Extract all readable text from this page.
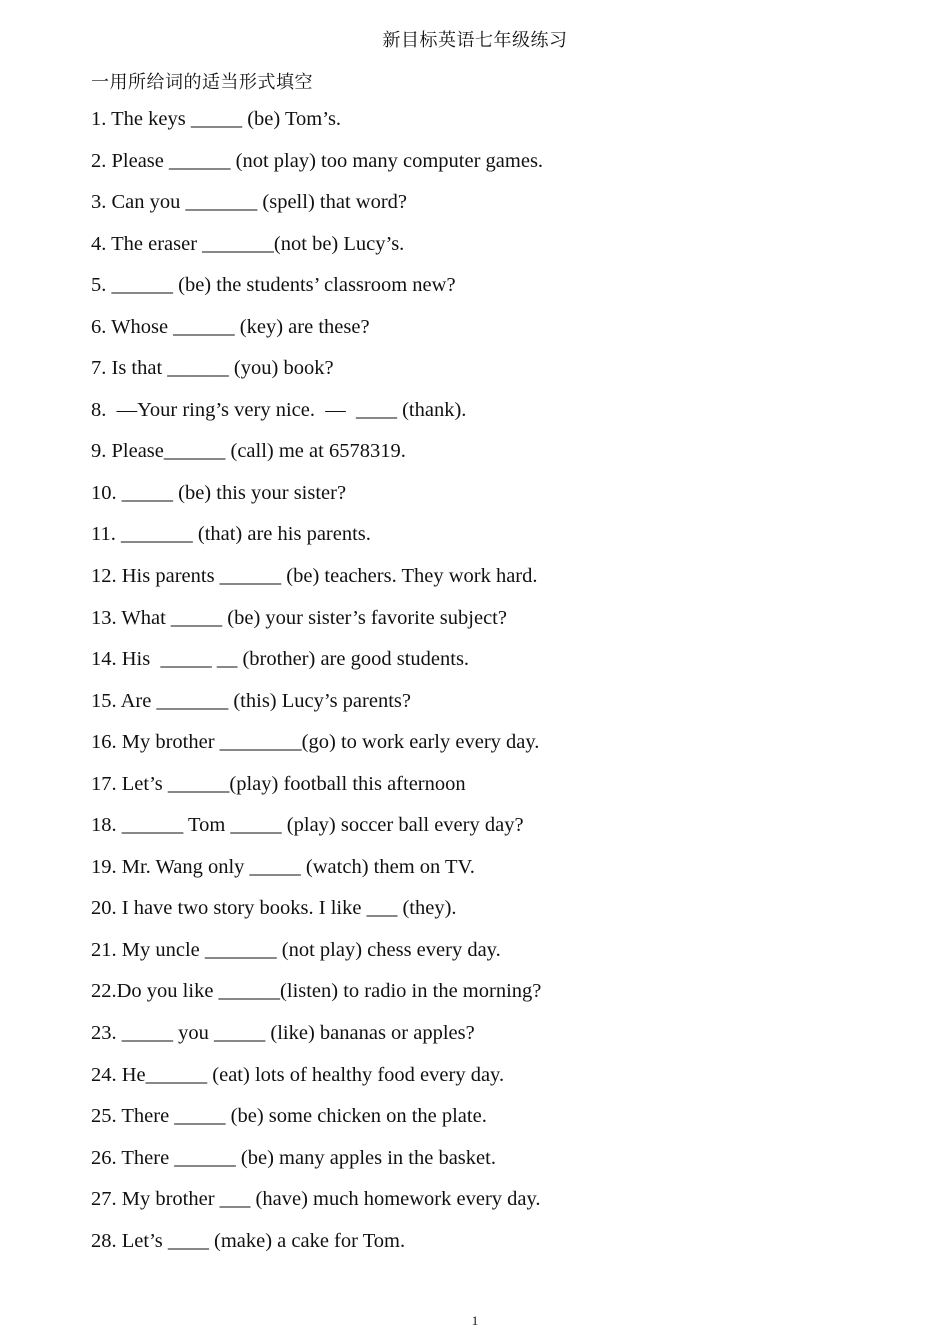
新目标英语七年级练习
一用所给词的适当形式填空
1. The keys _____ (be) Tom’s.
2. Please ______ (not play) too many computer games.
3. Can you _______ (spell) that word?
4. The eraser _______(not be) Lucy’s.
5. ______ (be) the students’ classroom new?
6. Whose ______ (key) are these?
7. Is that ______ (you) book?
8.  —Your ring’s very nice.  —  ____ (thank).
9. Please______ (call) me at 6578319.
10. _____ (be) this your sister?
11. _______ (that) are his parents.
12. His parents ______ (be) teachers. They work hard.
13. What _____ (be) your sister’s favorite subject?
14. His  _____ __ (brother) are good students.
15. Are _______ (this) Lucy’s parents?
16. My brother ________(go) to work early every day.
17. Let’s ______(play) football this afternoon
18. ______ Tom _____ (play) soccer ball every day?
19. Mr. Wang only _____ (watch) them on TV.
20. I have two story books. I like ___ (they).
21. My uncle _______ (not play) chess every day.
22.Do you like ______(listen) to radio in the morning?
23. _____ you _____ (like) bananas or apples?
24. He______ (eat) lots of healthy food every day.
25. There _____ (be) some chicken on the plate.
26. There ______ (be) many apples in the basket.
27. My brother ___ (have) much homework every day.
28. Let’s ____ (make) a cake for Tom.
1
